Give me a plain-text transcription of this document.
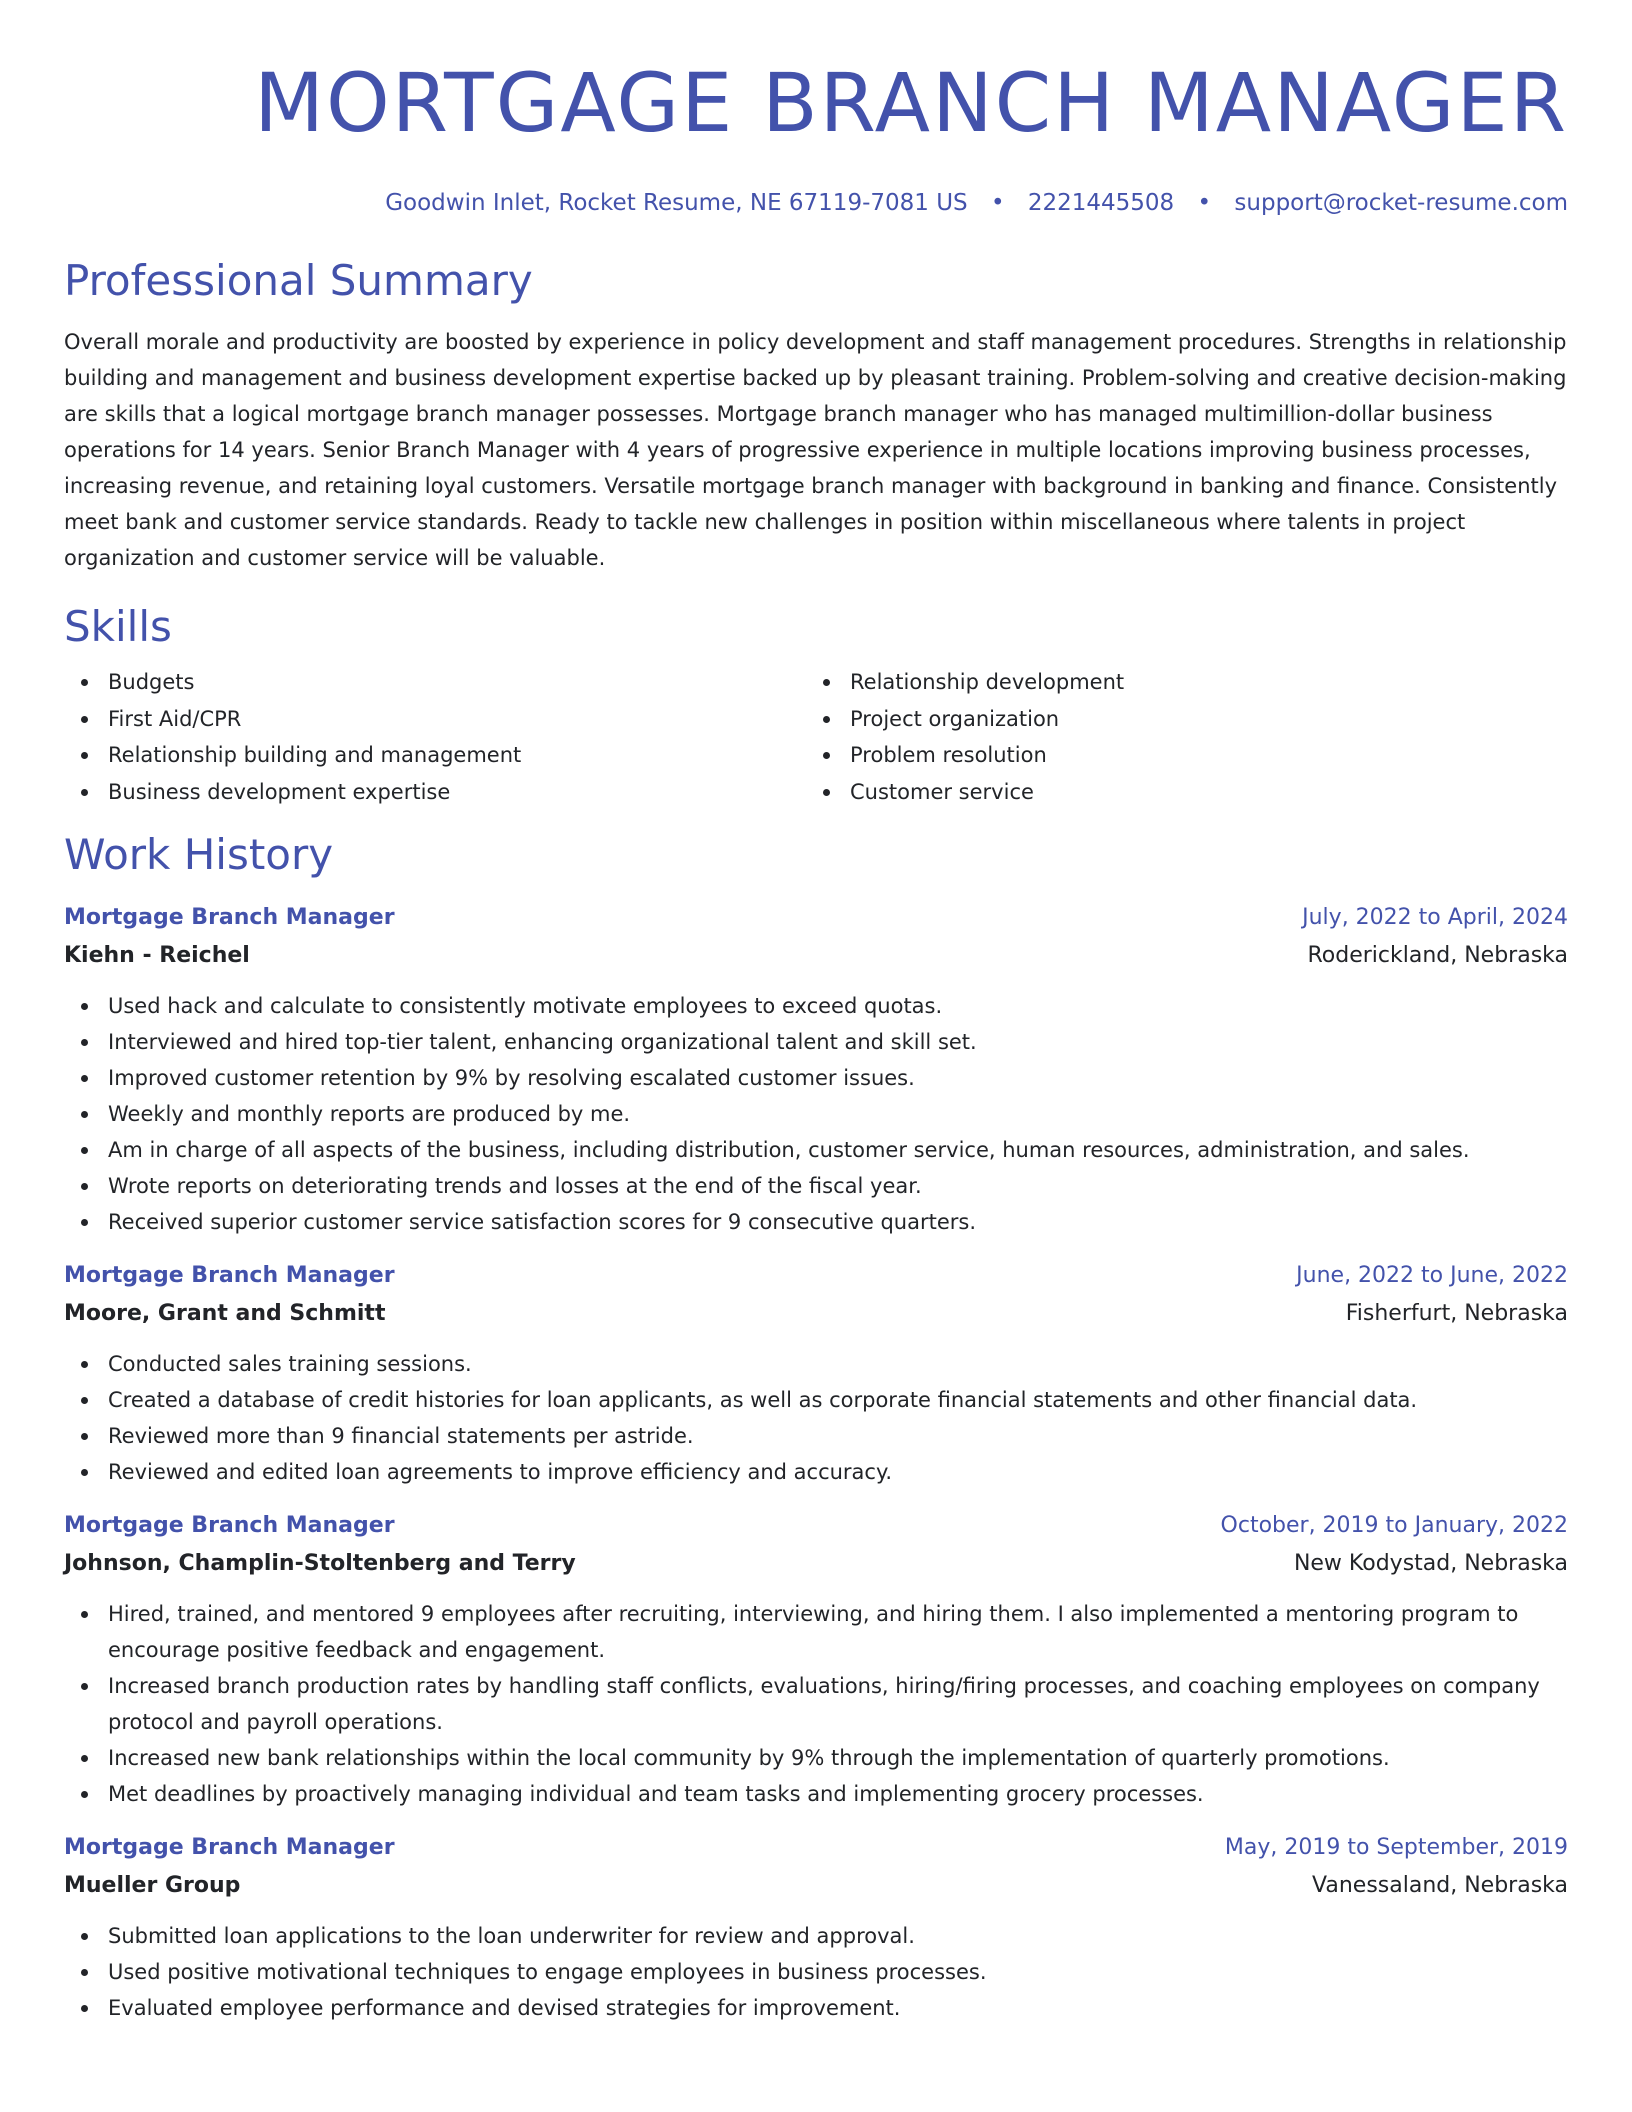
MORTGAGE BRANCH MANAGER
Goodwin Inlet, Rocket Resume, NE 67119-7081 US • 2221445508 • support@rocket-resume.com
Professional Summary

Overall morale and productivity are boosted by experience in policy development and staff management procedures. Strengths in relationship building and management and business development expertise backed up by pleasant training. Problem-solving and creative decision-making are skills that a logical mortgage branch manager possesses. Mortgage branch manager who has managed multimillion-dollar business operations for 14 years. Senior Branch Manager with 4 years of progressive experience in multiple locations improving business processes, increasing revenue, and retaining loyal customers. Versatile mortgage branch manager with background in banking and finance. Consistently meet bank and customer service standards. Ready to tackle new challenges in position within miscellaneous where talents in project organization and customer service will be valuable.

Skills
Budgets
First Aid/CPR
Relationship building and management
Business development expertise
Relationship development
Project organization
Problem resolution
Customer service
Work History
Mortgage Branch Manager	July, 2022 to April, 2024
Kiehn - Reichel	Roderickland, Nebraska
Used hack and calculate to consistently motivate employees to exceed quotas.
Interviewed and hired top-tier talent, enhancing organizational talent and skill set.
Improved customer retention by 9% by resolving escalated customer issues.
Weekly and monthly reports are produced by me.
Am in charge of all aspects of the business, including distribution, customer service, human resources, administration, and sales.
Wrote reports on deteriorating trends and losses at the end of the fiscal year.
Received superior customer service satisfaction scores for 9 consecutive quarters.
Mortgage Branch Manager	June, 2022 to June, 2022
Moore, Grant and Schmitt	Fisherfurt, Nebraska
Conducted sales training sessions.
Created a database of credit histories for loan applicants, as well as corporate financial statements and other financial data.
Reviewed more than 9 financial statements per astride.
Reviewed and edited loan agreements to improve efficiency and accuracy.
Mortgage Branch Manager	October, 2019 to January, 2022
Johnson, Champlin-Stoltenberg and Terry	New Kodystad, Nebraska
Hired, trained, and mentored 9 employees after recruiting, interviewing, and hiring them. I also implemented a mentoring program to encourage positive feedback and engagement.
Increased branch production rates by handling staff conflicts, evaluations, hiring/firing processes, and coaching employees on company protocol and payroll operations.
Increased new bank relationships within the local community by 9% through the implementation of quarterly promotions.
Met deadlines by proactively managing individual and team tasks and implementing grocery processes.
Mortgage Branch Manager	May, 2019 to September, 2019
Mueller Group	Vanessaland, Nebraska
Submitted loan applications to the loan underwriter for review and approval.
Used positive motivational techniques to engage employees in business processes.
Evaluated employee performance and devised strategies for improvement.
